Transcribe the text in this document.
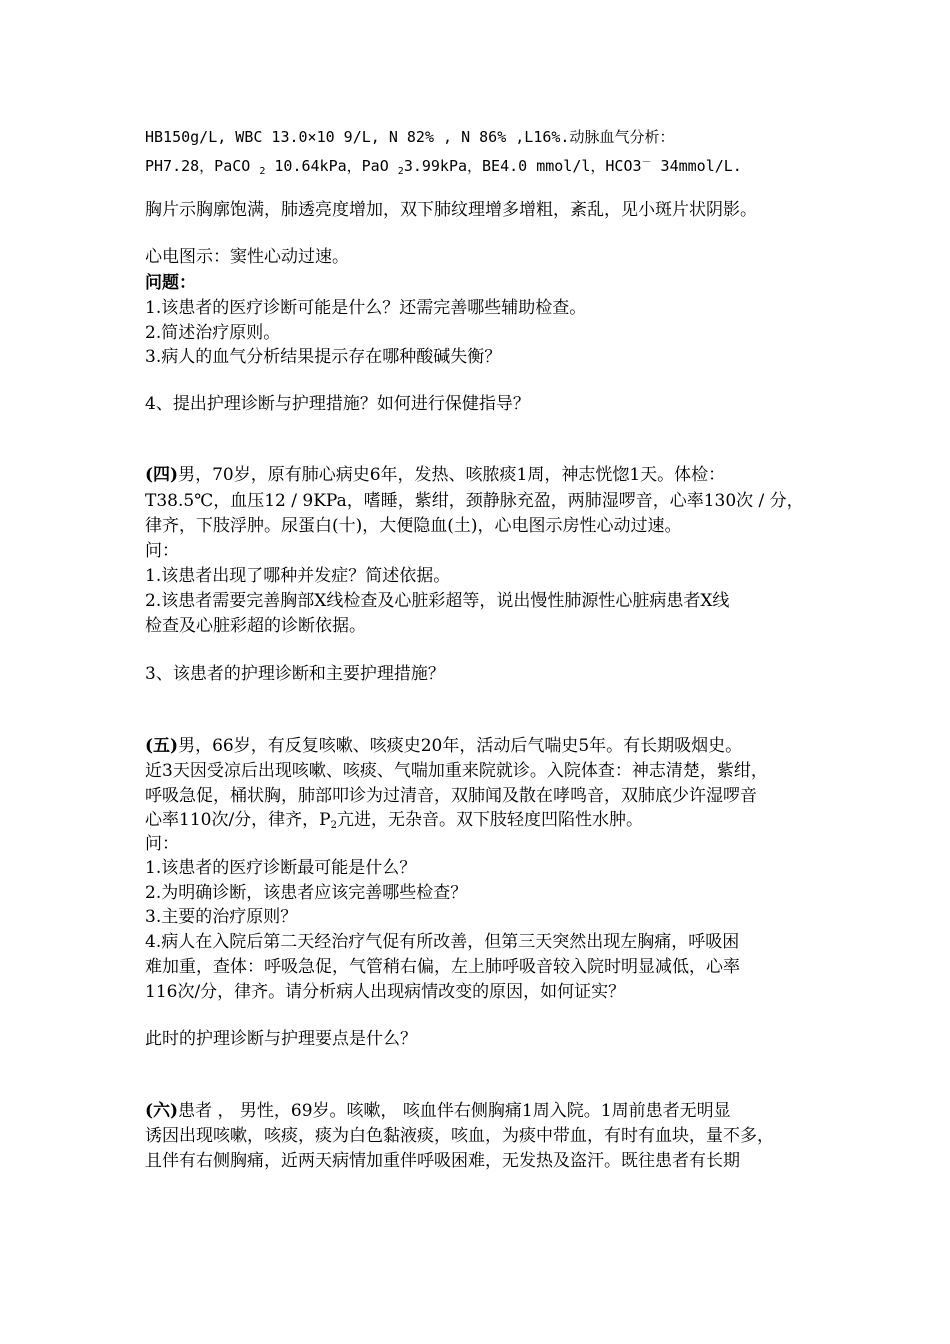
HB150g/L, WBC 13.0×10 9/L, N 82% , N 86% ,L16%.动脉血气分析：
PH7.28，PaCO $_2$ 10.64kPa，PaO $_2$3.99kPa，BE4.0 mmol/l，HCO3－ 34mmol/L.
胸片示胸廓饱满，肺透亮度增加，双下肺纹理增多增粗，紊乱，见小斑片状阴影。
心电图示：窦性心动过速。
问题：
1.该患者的医疗诊断可能是什么？还需完善哪些辅助检查。
2.简述治疗原则。
3.病人的血气分析结果提示存在哪种酸碱失衡？
4、提出护理诊断与护理措施？如何进行保健指导？
(四)男，70岁，原有肺心病史6年，发热、咳脓痰1周，神志恍惚1天。体检：
T38.5℃，血压12 / 9KPa，嗜睡，紫绀，颈静脉充盈，两肺湿啰音，心率130次 / 分，
律齐，下肢浮肿。尿蛋白(十)，大便隐血(土)，心电图示房性心动过速。
问：
1.该患者出现了哪种并发症？简述依据。
2.该患者需要完善胸部X线检查及心脏彩超等，说出慢性肺源性心脏病患者X线
检查及心脏彩超的诊断依据。
3、该患者的护理诊断和主要护理措施？
(五)男，66岁，有反复咳嗽、咳痰史20年，活动后气喘史5年。有长期吸烟史。
近3天因受凉后出现咳嗽、咳痰、气喘加重来院就诊。入院体查：神志清楚，紫绀，
呼吸急促，桶状胸，肺部叩诊为过清音，双肺闻及散在哮鸣音，双肺底少许湿啰音
心率110次/分，律齐，$P_2$亢进，无杂音。双下肢轻度凹陷性水肿。
问：
1.该患者的医疗诊断最可能是什么？
2.为明确诊断，该患者应该完善哪些检查？
3.主要的治疗原则？
4.病人在入院后第二天经治疗气促有所改善，但第三天突然出现左胸痛，呼吸困
难加重，查体：呼吸急促，气管稍右偏，左上肺呼吸音较入院时明显减低，心率
116次/分，律齐。请分析病人出现病情改变的原因，如何证实？
此时的护理诊断与护理要点是什么？
(六)患者 ， 男性，69岁。咳嗽， 咳血伴右侧胸痛1周入院。1周前患者无明显
诱因出现咳嗽，咳痰，痰为白色黏液痰，咳血，为痰中带血，有时有血块，量不多，
且伴有右侧胸痛，近两天病情加重伴呼吸困难，无发热及盗汗。既往患者有长期
